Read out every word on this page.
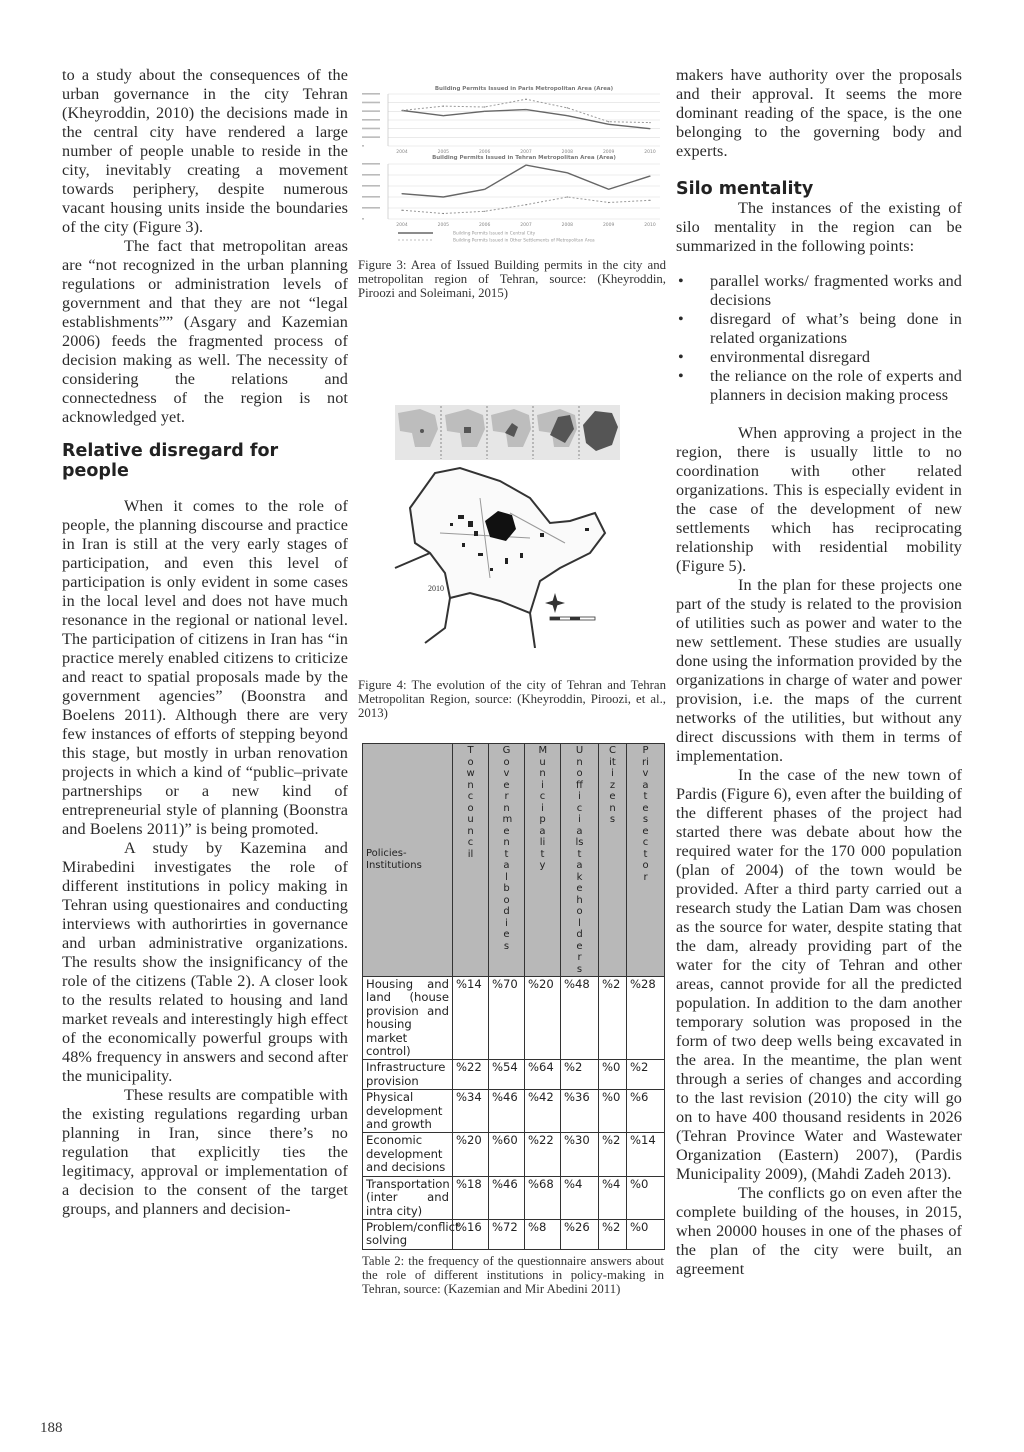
to a study about the consequences of the urban governance in the city Tehran (Kheyroddin, 2010) the decisions made in the central city have rendered a large number of people unable to reside in the city, inevitably creating a movement towards periphery, despite numerous vacant housing units inside the boundaries of the city (Figure 3).

The fact that metropolitan areas are “not recognized in the urban planning regulations or administration levels of government and that they are not “legal establishments”” (Asgary and Kazemian 2006) feeds the fragmented process of decision making as well. The necessity of considering the relations and connectedness of the region is not acknowledged yet.

Relative disregard for people

When it comes to the role of people, the planning discourse and practice in Iran is still at the very early stages of participation, and even this level of participation is only evident in some cases in the local level and does not have much resonance in the regional or national level. The participation of citizens in Iran has “in practice merely enabled citizens to criticize and react to spatial proposals made by the government agencies” (Boonstra and Boelens 2011). Although there are very few instances of efforts of stepping beyond this stage, but mostly in urban renovation projects in which a kind of “public–private partnerships or a new kind of entrepreneurial style of planning (Boonstra and Boelens 2011)” is being promoted.

A study by Kazemina and Mirabedini investigates the role of different institutions in policy making in Tehran using questionaires and conducting interviews with authorirties in governance and urban administrative organizations. The results show the insignificancy of the role of the citizens (Table 2). A closer look to the results related to housing and land market reveals and interestingly high effect of the economically powerful groups with 48% frequency in answers and second after the municipality.

These results are compatible with the existing regulations regarding urban planning in Iran, since there’s no regulation that explicitly ties the legitimacy, approval or implementation of a decision to the consent of the target groups, and planners and decision-

Building Permits Issued in Paris Metropolitan Area (Area)
2004	2005	2006	2007	2008	2009	2010
Building Permits Issued in Tehran Metropolitan Area (Area)
2004	2005	2006	2007	2008	2009	2010
Building Permits Issued in Central City
Building Permits Issued in Other Settlements of Metropolitan Area

Figure 3: Area of Issued Building permits in the city and metropolitan region of Tehran, source: (Kheyroddin, Piroozi and Soleimani, 2015)

2010

Figure 4: The evolution of the city of Tehran and Tehran Metropolitan Region, source: (Kheyroddin, Piroozi, et al., 2013)

Policies-Institutions	Towncouncil	Governmentalbodies	Municipality	Unofficialstakeholders	Citizens	Privatesector

Housing and land (house provision and housing market control)	%14	%70	%20	%48	%2	%28
Infrastructure provision	%22	%54	%64	%2	%0	%2
Physical development and growth	%34	%46	%42	%36	%0	%6
Economic development and decisions	%20	%60	%22	%30	%2	%14
Transportation (inter and intra city)	%18	%46	%68	%4	%4	%0
Problem/conflict solving	%16	%72	%8	%26	%2	%0

Table 2: the frequency of the questionnaire answers about the role of different institutions in policy-making in Tehran, source: (Kazemian and Mir Abedini 2011)

makers have authority over the proposals and their approval. It seems the more dominant reading of the space, is the one belonging to the governing body and experts.

Silo mentality

The instances of the existing of silo mentality in the region can be summarized in the following points:

• parallel works/ fragmented works and decisions
• disregard of what’s being done in related organizations
• environmental disregard
• the reliance on the role of experts and planners in decision making process

When approving a project in the region, there is usually little to no coordination with other related organizations. This is especially evident in the case of the development of new settlements which has reciprocating relationship with residential mobility (Figure 5).

In the plan for these projects one part of the study is related to the provision of utilities such as power and water to the new settlement. These studies are usually done using the information provided by the organizations in charge of water and power provision, i.e. the maps of the current networks of the utilities, but without any direct discussions with them in terms of implementation.

In the case of the new town of Pardis (Figure 6), even after the building of the different phases of the project had started there was debate about how the required water for the 170 000 population (plan of 2004) of the town would be provided. After a third party carried out a research study the Latian Dam was chosen as the source for water, despite stating that the dam, already providing part of the water for the city of Tehran and other areas, cannot provide for all the predicted population. In addition to the dam another temporary solution was proposed in the form of two deep wells being excavated in the area. In the meantime, the plan went through a series of changes and according to the last revision (2010) the city will go on to have 400 thousand residents in 2026 (Tehran Province Water and Wastewater Organization (Eastern) 2007), (Pardis Municipality 2009), (Mahdi Zadeh 2013).

The conflicts go on even after the complete building of the houses, in 2015, when 20000 houses in one of the phases of the plan of the city were built, an agreement

188
